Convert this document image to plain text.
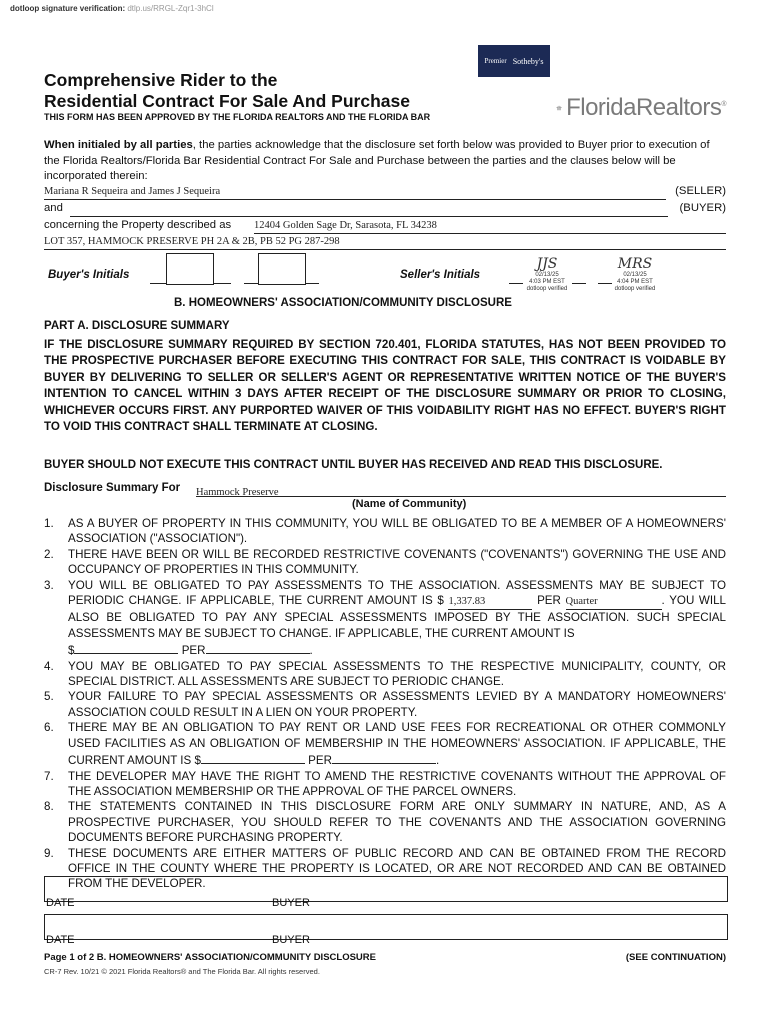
dotloop signature verification: dtlp.us/RRGL-Zqr1-3hCl
Premier Sotheby's
Comprehensive Rider to the
Residential Contract For Sale And Purchase
THIS FORM HAS BEEN APPROVED BY THE FLORIDA REALTORS AND THE FLORIDA BAR	FloridaRealtors®
When initialed by all parties, the parties acknowledge that the disclosure set forth below was provided to Buyer prior to execution of the Florida Realtors/Florida Bar Residential Contract For Sale and Purchase between the parties and the clauses below will be incorporated therein:
Mariana R Sequeira and James J Sequeira	(SELLER)
and	(BUYER)
concerning the Property described as 12404 Golden Sage Dr, Sarasota, FL 34238
LOT 357, HAMMOCK PRESERVE PH 2A & 2B, PB 52 PG 287-298
Buyer's Initials	Seller's Initials
JJS
02/13/25
4:03 PM EST
dotloop verified
MRS
02/13/25
4:04 PM EST
dotloop verified
B. HOMEOWNERS' ASSOCIATION/COMMUNITY DISCLOSURE
PART A. DISCLOSURE SUMMARY
IF THE DISCLOSURE SUMMARY REQUIRED BY SECTION 720.401, FLORIDA STATUTES, HAS NOT BEEN PROVIDED TO THE PROSPECTIVE PURCHASER BEFORE EXECUTING THIS CONTRACT FOR SALE, THIS CONTRACT IS VOIDABLE BY BUYER BY DELIVERING TO SELLER OR SELLER'S AGENT OR REPRESENTATIVE WRITTEN NOTICE OF THE BUYER'S INTENTION TO CANCEL WITHIN 3 DAYS AFTER RECEIPT OF THE DISCLOSURE SUMMARY OR PRIOR TO CLOSING, WHICHEVER OCCURS FIRST. ANY PURPORTED WAIVER OF THIS VOIDABILITY RIGHT HAS NO EFFECT. BUYER'S RIGHT TO VOID THIS CONTRACT SHALL TERMINATE AT CLOSING.
BUYER SHOULD NOT EXECUTE THIS CONTRACT UNTIL BUYER HAS RECEIVED AND READ THIS DISCLOSURE.
Disclosure Summary For Hammock Preserve
(Name of Community)
1. AS A BUYER OF PROPERTY IN THIS COMMUNITY, YOU WILL BE OBLIGATED TO BE A MEMBER OF A HOMEOWNERS' ASSOCIATION ("ASSOCIATION").
2. THERE HAVE BEEN OR WILL BE RECORDED RESTRICTIVE COVENANTS ("COVENANTS") GOVERNING THE USE AND OCCUPANCY OF PROPERTIES IN THIS COMMUNITY.
3. YOU WILL BE OBLIGATED TO PAY ASSESSMENTS TO THE ASSOCIATION. ASSESSMENTS MAY BE SUBJECT TO PERIODIC CHANGE. IF APPLICABLE, THE CURRENT AMOUNT IS $ 1,337.83	PER Quarter	. YOU WILL ALSO BE OBLIGATED TO PAY ANY SPECIAL ASSESSMENTS IMPOSED BY THE ASSOCIATION. SUCH SPECIAL ASSESSMENTS MAY BE SUBJECT TO CHANGE. IF APPLICABLE, THE CURRENT AMOUNT IS
$	PER	.
4. YOU MAY BE OBLIGATED TO PAY SPECIAL ASSESSMENTS TO THE RESPECTIVE MUNICIPALITY, COUNTY, OR SPECIAL DISTRICT. ALL ASSESSMENTS ARE SUBJECT TO PERIODIC CHANGE.
5. YOUR FAILURE TO PAY SPECIAL ASSESSMENTS OR ASSESSMENTS LEVIED BY A MANDATORY HOMEOWNERS' ASSOCIATION COULD RESULT IN A LIEN ON YOUR PROPERTY.
6. THERE MAY BE AN OBLIGATION TO PAY RENT OR LAND USE FEES FOR RECREATIONAL OR OTHER COMMONLY USED FACILITIES AS AN OBLIGATION OF MEMBERSHIP IN THE HOMEOWNERS' ASSOCIATION. IF APPLICABLE, THE CURRENT AMOUNT IS $	PER	.
7. THE DEVELOPER MAY HAVE THE RIGHT TO AMEND THE RESTRICTIVE COVENANTS WITHOUT THE APPROVAL OF THE ASSOCIATION MEMBERSHIP OR THE APPROVAL OF THE PARCEL OWNERS.
8. THE STATEMENTS CONTAINED IN THIS DISCLOSURE FORM ARE ONLY SUMMARY IN NATURE, AND, AS A PROSPECTIVE PURCHASER, YOU SHOULD REFER TO THE COVENANTS AND THE ASSOCIATION GOVERNING DOCUMENTS BEFORE PURCHASING PROPERTY.
9. THESE DOCUMENTS ARE EITHER MATTERS OF PUBLIC RECORD AND CAN BE OBTAINED FROM THE RECORD OFFICE IN THE COUNTY WHERE THE PROPERTY IS LOCATED, OR ARE NOT RECORDED AND CAN BE OBTAINED FROM THE DEVELOPER.
DATE	BUYER
DATE	BUYER
Page 1 of 2 B. HOMEOWNERS' ASSOCIATION/COMMUNITY DISCLOSURE	(SEE CONTINUATION)
CR-7 Rev. 10/21 © 2021 Florida Realtors® and The Florida Bar. All rights reserved.
